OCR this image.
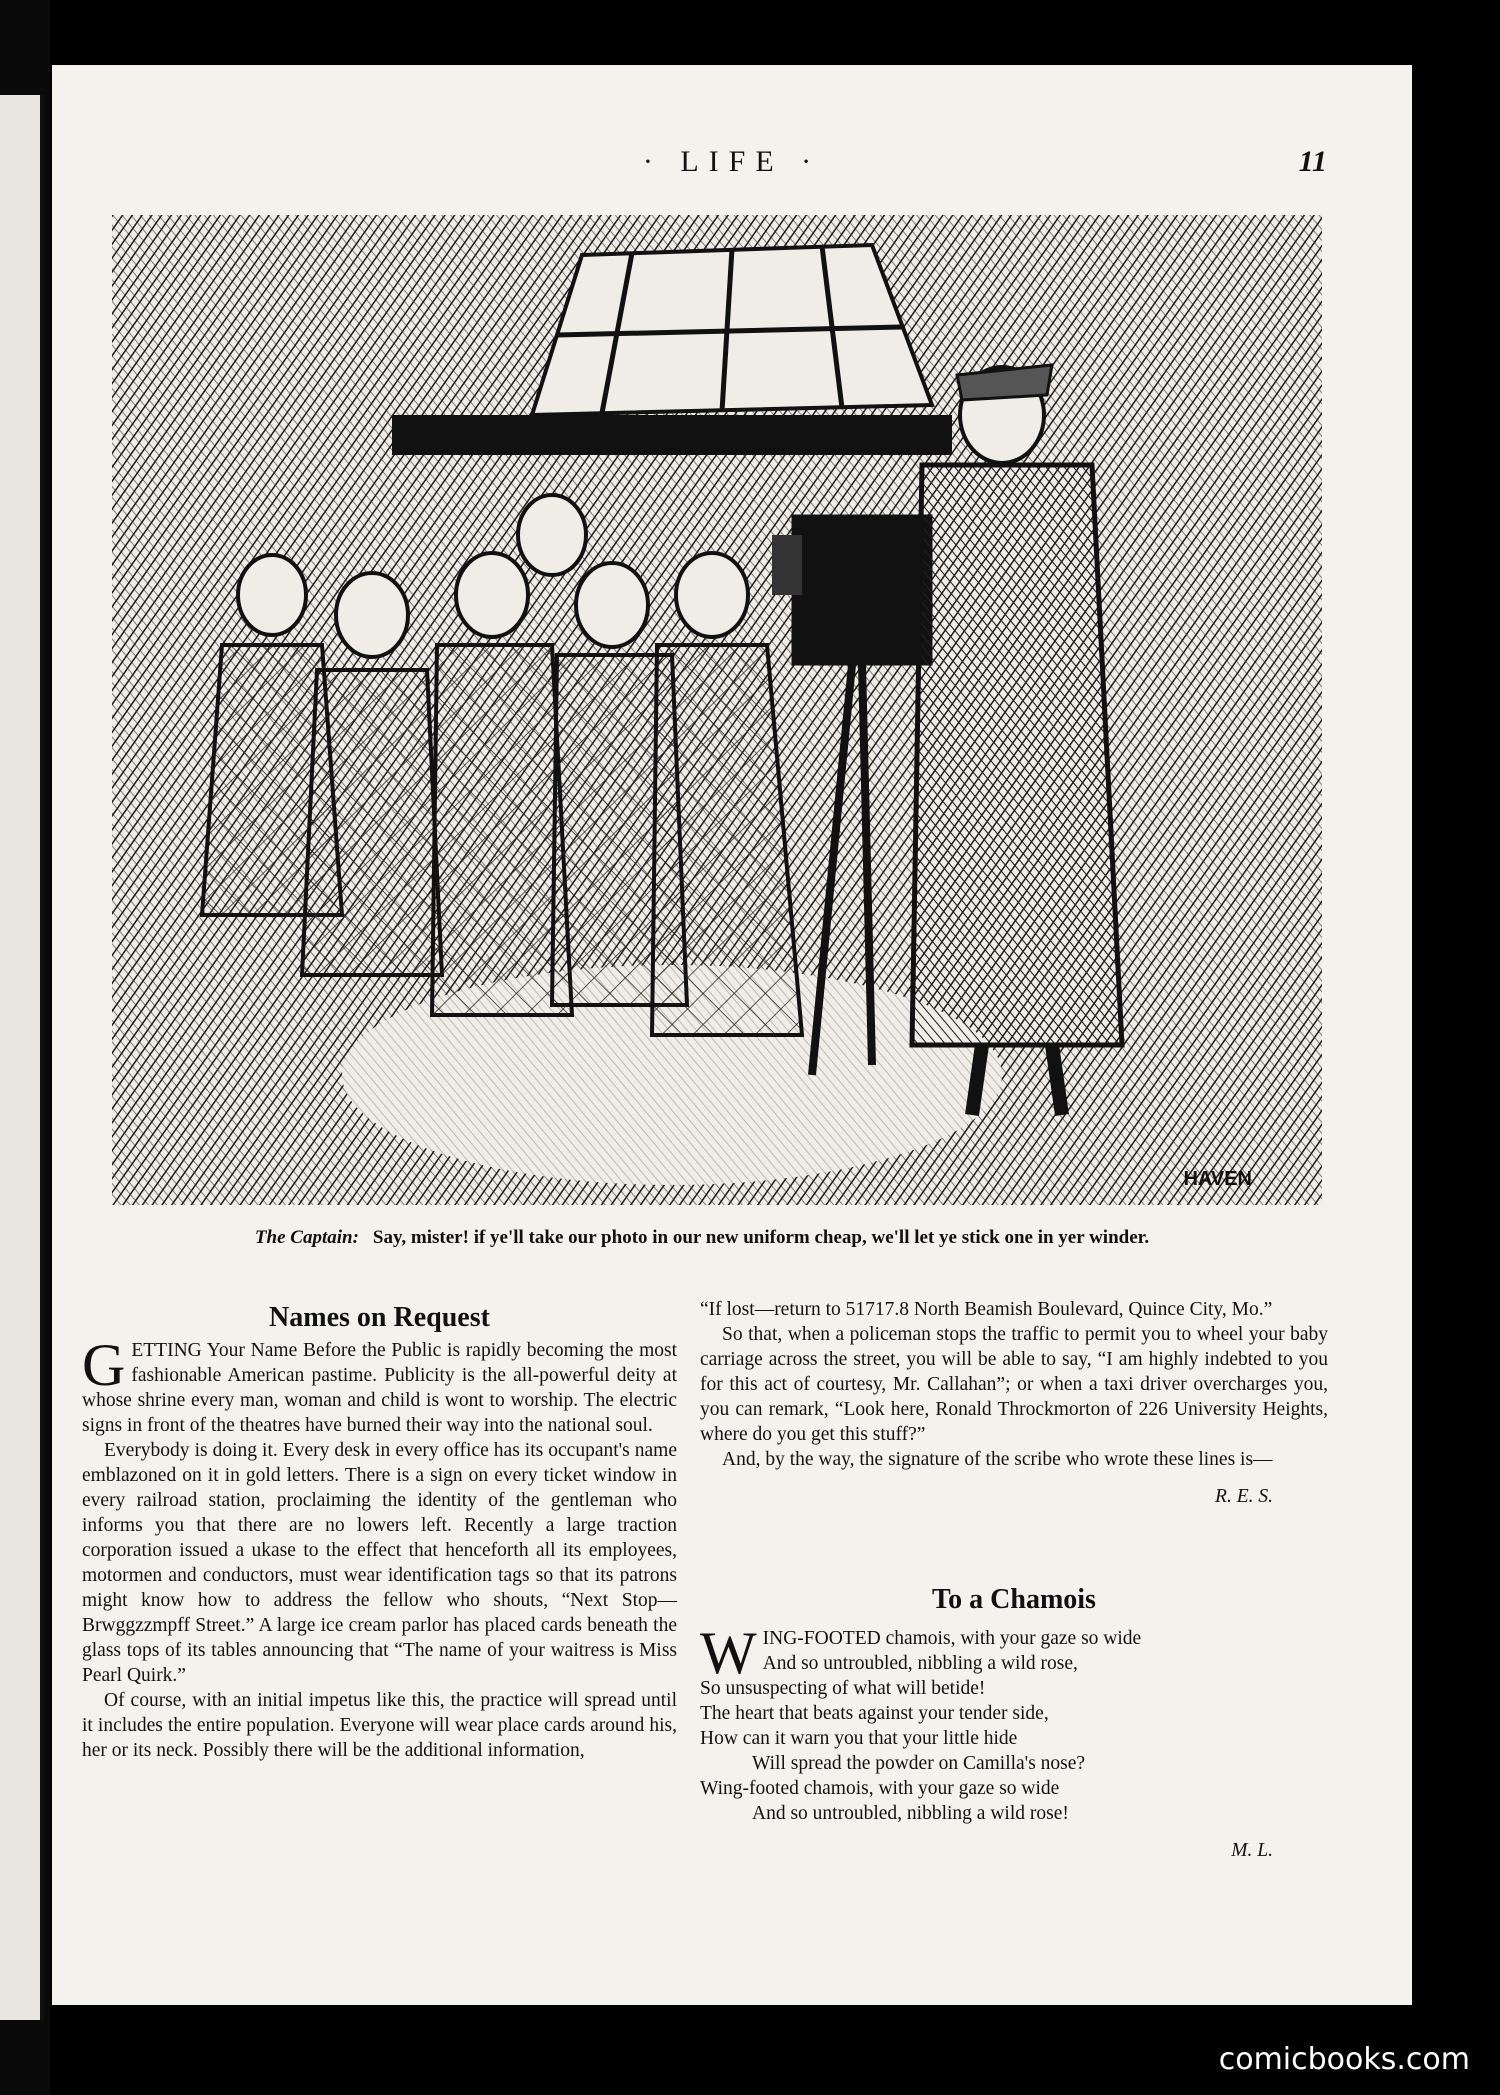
· LIFE ·	11
HAVEN
The Captain: Say, mister! if ye'll take our photo in our new uniform cheap, we'll let ye stick one in yer winder.
Names on Request

GETTING Your Name Before the Public is rapidly becoming the most fashionable American pastime. Publicity is the all-powerful deity at whose shrine every man, woman and child is wont to worship. The electric signs in front of the theatres have burned their way into the national soul.

Everybody is doing it. Every desk in every office has its occupant's name emblazoned on it in gold letters. There is a sign on every ticket window in every railroad station, proclaiming the identity of the gentleman who informs you that there are no lowers left. Recently a large traction corporation issued a ukase to the effect that henceforth all its employees, motormen and conductors, must wear identification tags so that its patrons might know how to address the fellow who shouts, “Next Stop—Brwggzzmpff Street.” A large ice cream parlor has placed cards beneath the glass tops of its tables announcing that “The name of your waitress is Miss Pearl Quirk.”

Of course, with an initial impetus like this, the practice will spread until it includes the entire population. Everyone will wear place cards around his, her or its neck. Possibly there will be the additional information,

“If lost—return to 51717.8 North Beamish Boulevard, Quince City, Mo.”

So that, when a policeman stops the traffic to permit you to wheel your baby carriage across the street, you will be able to say, “I am highly indebted to you for this act of courtesy, Mr. Callahan”; or when a taxi driver overcharges you, you can remark, “Look here, Ronald Throckmorton of 226 University Heights, where do you get this stuff?”

And, by the way, the signature of the scribe who wrote these lines is—

R. E. S.
To a Chamois
WING-FOOTED chamois, with your gaze so wide
And so untroubled, nibbling a wild rose,
So unsuspecting of what will betide!
The heart that beats against your tender side,
How can it warn you that your little hide
Will spread the powder on Camilla's nose?
Wing-footed chamois, with your gaze so wide
And so untroubled, nibbling a wild rose!
M. L.
comicbooks.com
